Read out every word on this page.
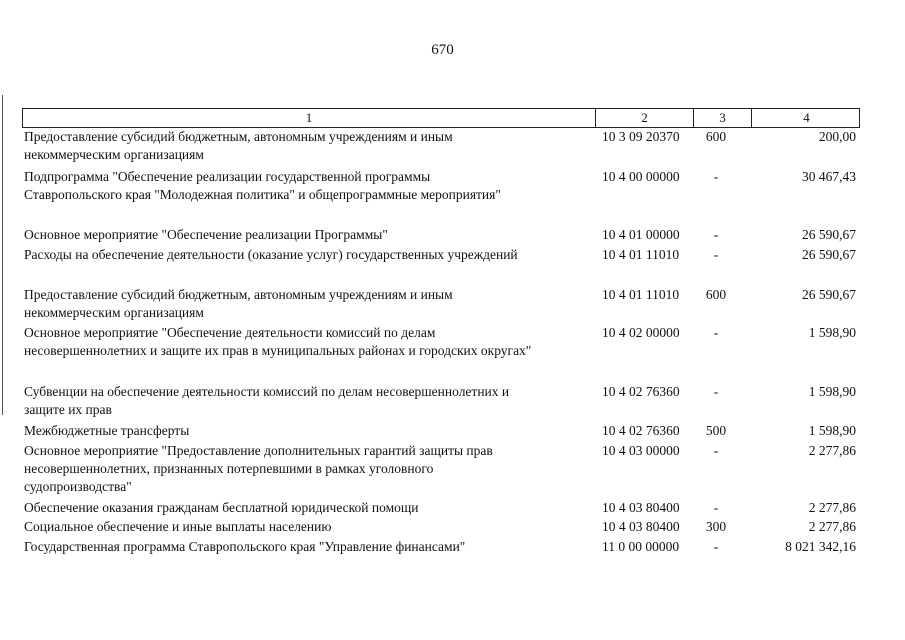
670
1	2	3	4
Предоставление субсидий бюджетным, автономным учреждениям и иным
некоммерческим организациям
10 3 09 20370	600	200,00
Подпрограмма "Обеспечение реализации государственной программы
Ставропольского края "Молодежная политика" и общепрограммные мероприятия"
10 4 00 00000	-	30 467,43
Основное мероприятие "Обеспечение реализации Программы"	10 4 01 00000	-	26 590,67
Расходы на обеспечение деятельности (оказание услуг) государственных учреждений	10 4 01 11010	-	26 590,67
Предоставление субсидий бюджетным, автономным учреждениям и иным
некоммерческим организациям
10 4 01 11010	600	26 590,67
Основное мероприятие "Обеспечение деятельности комиссий по делам
несовершеннолетних и защите их прав в муниципальных районах и городских округах"
10 4 02 00000	-	1 598,90
Субвенции на обеспечение деятельности комиссий по делам несовершеннолетних и
защите их прав
10 4 02 76360	-	1 598,90
Межбюджетные трансферты	10 4 02 76360	500	1 598,90
Основное мероприятие "Предоставление дополнительных гарантий защиты прав
несовершеннолетних, признанных потерпевшими в рамках уголовного
судопроизводства"
10 4 03 00000	-	2 277,86
Обеспечение оказания гражданам бесплатной юридической помощи	10 4 03 80400	-	2 277,86
Социальное обеспечение и иные выплаты населению	10 4 03 80400	300	2 277,86
Государственная программа Ставропольского края "Управление финансами"	11 0 00 00000	-	8 021 342,16
